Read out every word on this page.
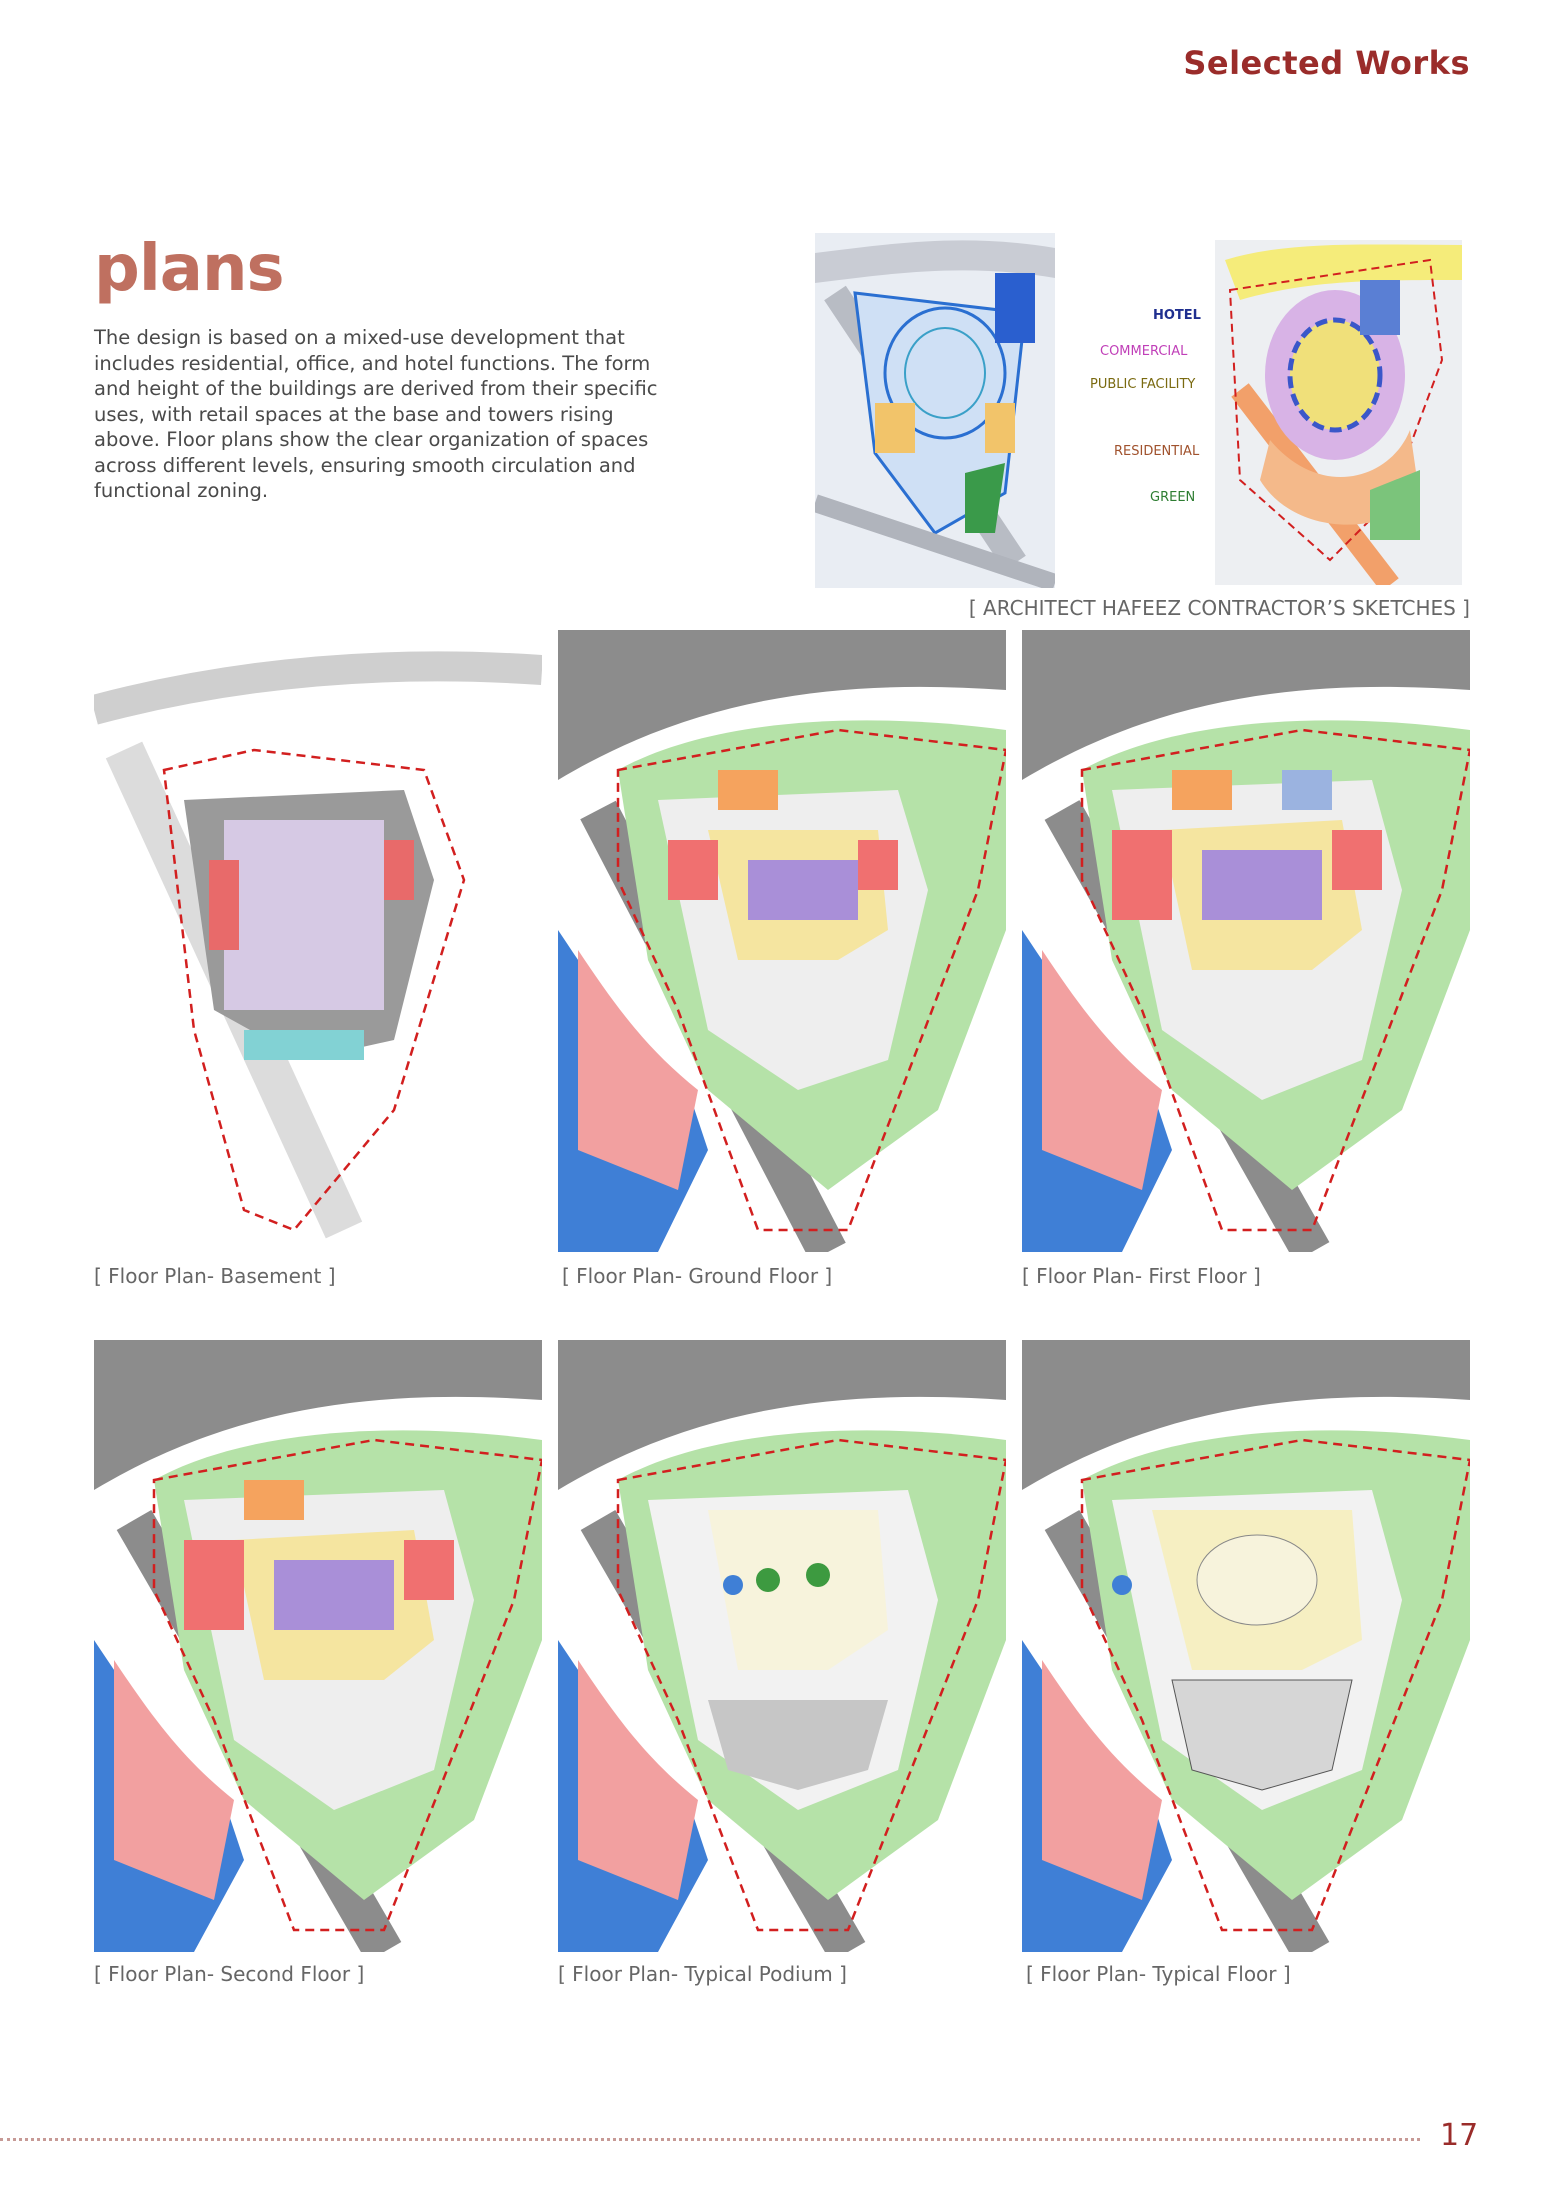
Selected Works
plans

The design is based on a mixed-use development that includes residential, office, and hotel functions. The form and height of the buildings are derived from their specific uses, with retail spaces at the base and towers rising above. Floor plans show the clear organization of spaces across different levels, ensuring smooth circulation and functional zoning.

HOTEL
COMMERCIAL
PUBLIC FACILITY
RESIDENTIAL
GREEN
[ ARCHITECT HAFEEZ CONTRACTOR’S SKETCHES ]
[ Floor Plan- Basement ]	[ Floor Plan- Ground Floor ]	[ Floor Plan- First Floor ]
[ Floor Plan- Second Floor ]	[ Floor Plan- Typical Podium ]	[ Floor Plan- Typical Floor ]
17
